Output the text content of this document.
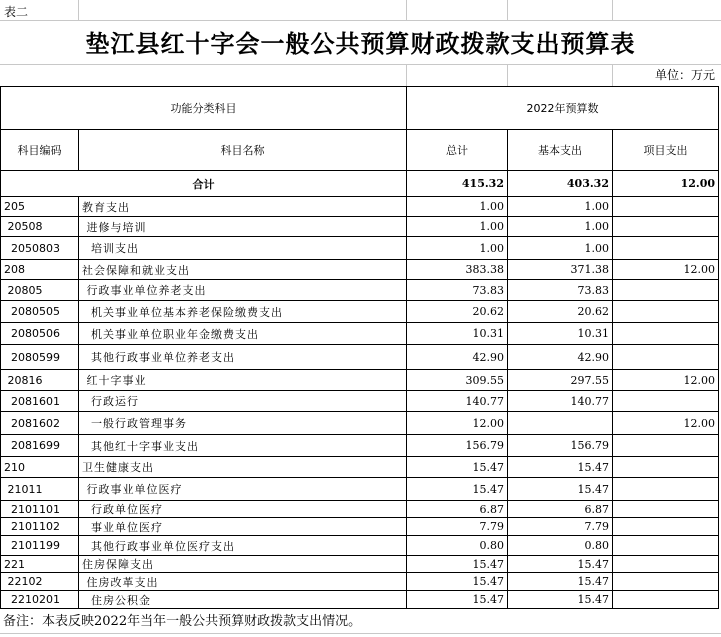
表二
垫江县红十字会一般公共预算财政拨款支出预算表
单位：万元
功能分类科目		2022年预算数		
科目编码	科目名称	总计	基本支出	项目支出
合计		415.32	403.32	12.00
205	教育支出	1.00	1.00	
20508	进修与培训	1.00	1.00	
2050803	培训支出	1.00	1.00	
208	社会保障和就业支出	383.38	371.38	12.00
20805	行政事业单位养老支出	73.83	73.83	
2080505	机关事业单位基本养老保险缴费支出	20.62	20.62	
2080506	机关事业单位职业年金缴费支出	10.31	10.31	
2080599	其他行政事业单位养老支出	42.90	42.90	
20816	红十字事业	309.55	297.55	12.00
2081601	行政运行	140.77	140.77	
2081602	一般行政管理事务	12.00		12.00
2081699	其他红十字事业支出	156.79	156.79	
210	卫生健康支出	15.47	15.47	
21011	行政事业单位医疗	15.47	15.47	
2101101	行政单位医疗	6.87	6.87	
2101102	事业单位医疗	7.79	7.79	
2101199	其他行政事业单位医疗支出	0.80	0.80	
221	住房保障支出	15.47	15.47	
22102	住房改革支出	15.47	15.47	
2210201	住房公积金	15.47	15.47	
备注：本表反映2022年当年一般公共预算财政拨款支出情况。
